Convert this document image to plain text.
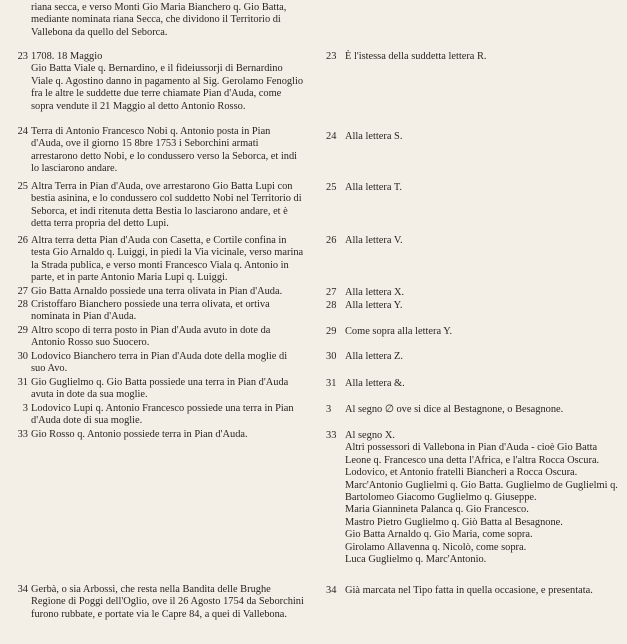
riana secca, e verso Monti Gio Maria Bianchero q. Gio Batta, mediante nominata riana Secca, che dividono il Territorio di Vallebona da quello del Seborca.
23 1708. 18 Maggio
Gio Batta Viale q. Bernardino, e il fideiussorji di Bernardino Viale q. Agostino danno in pagamento al Sig. Gerolamo Fenoglio fra le altre le suddette due terre chiamate Pian d'Auda, come sopra vendute il 21 Maggio al detto Antonio Rosso.
24 Terra di Antonio Francesco Nobi q. Antonio posta in Pian d'Auda, ove il giorno 15 8bre 1753 i Seborchini armati arrestarono detto Nobi, e lo condussero verso la Seborca, et indi lo lasciarono andare.
25 Altra Terra in Pian d'Auda, ove arrestarono Gio Batta Lupi con bestia asinina, e lo condussero col suddetto Nobi nel Territorio di Seborca, et indi ritenuta detta Bestia lo lasciarono andare, et è detta terra propria del detto Lupi.
26 Altra terra detta Pian d'Auda con Casetta, e Cortile confina in testa Gio Arnaldo q. Luiggi, in piedi la Via vicinale, verso marina la Strada publica, e verso monti Francesco Viala q. Antonio in parte, et in parte Antonio Maria Lupi q. Luiggi.
27 Gio Batta Arnaldo possiede una terra olivata in Pian d'Auda.
28 Cristoffaro Bianchero possiede una terra olivata, et ortiva nominata in Pian d'Auda.
29 Altro scopo di terra posto in Pian d'Auda avuto in dote da Antonio Rosso suo Suocero.
30 Lodovico Bianchero terra in Pian d'Auda dote della moglie di suo Avo.
31 Gio Guglielmo q. Gio Batta possiede una terra in Pian d'Auda avuta in dote da sua moglie.
3 Lodovico Lupi q. Antonio Francesco possiede una terra in Pian d'Auda dote di sua moglie.
33 Gio Rosso q. Antonio possiede terra in Pian d'Auda.
34 Gerbà, o sia Arbossi, che resta nella Bandita delle Brughe Regione di Poggi dell'Oglio, ove il 26 Agosto 1754 da Seborchini furono rubbate, e portate via le Capre 84, a quei di Vallebona.
23 È l'istessa della suddetta lettera R.
24 Alla lettera S.
25 Alla lettera T.
26 Alla lettera V.
27 Alla lettera X.
28 Alla lettera Y.
29 Come sopra alla lettera Y.
30 Alla lettera Z.
31 Alla lettera &.
3	Al segno ∅ ove si dice al Bestagnone, o Besagnone.
33 Al segno X.
Altri possessori di Vallebona in Pian d'Auda - cioè Gio Batta Leone q. Francesco una detta l'Africa, e l'altra Rocca Oscura.
Lodovico, et Antonio fratelli Biancheri a Rocca Oscura.
Marc'Antonio Guglielmi q. Gio Batta. Guglielmo de Guglielmi q. Bartolomeo Giacomo Guglielmo q. Giuseppe.
Maria Giannineta Palanca q. Gio Francesco.
Mastro Pietro Guglielmo q. Giò Batta al Besagnone.
Gio Batta Arnaldo q. Gio Maria, come sopra.
Girolamo Allavenna q. Nicolò, come sopra.
Luca Guglielmo q. Marc'Antonio.
34 Già marcata nel Tipo fatta in quella occasione, e presentata.
